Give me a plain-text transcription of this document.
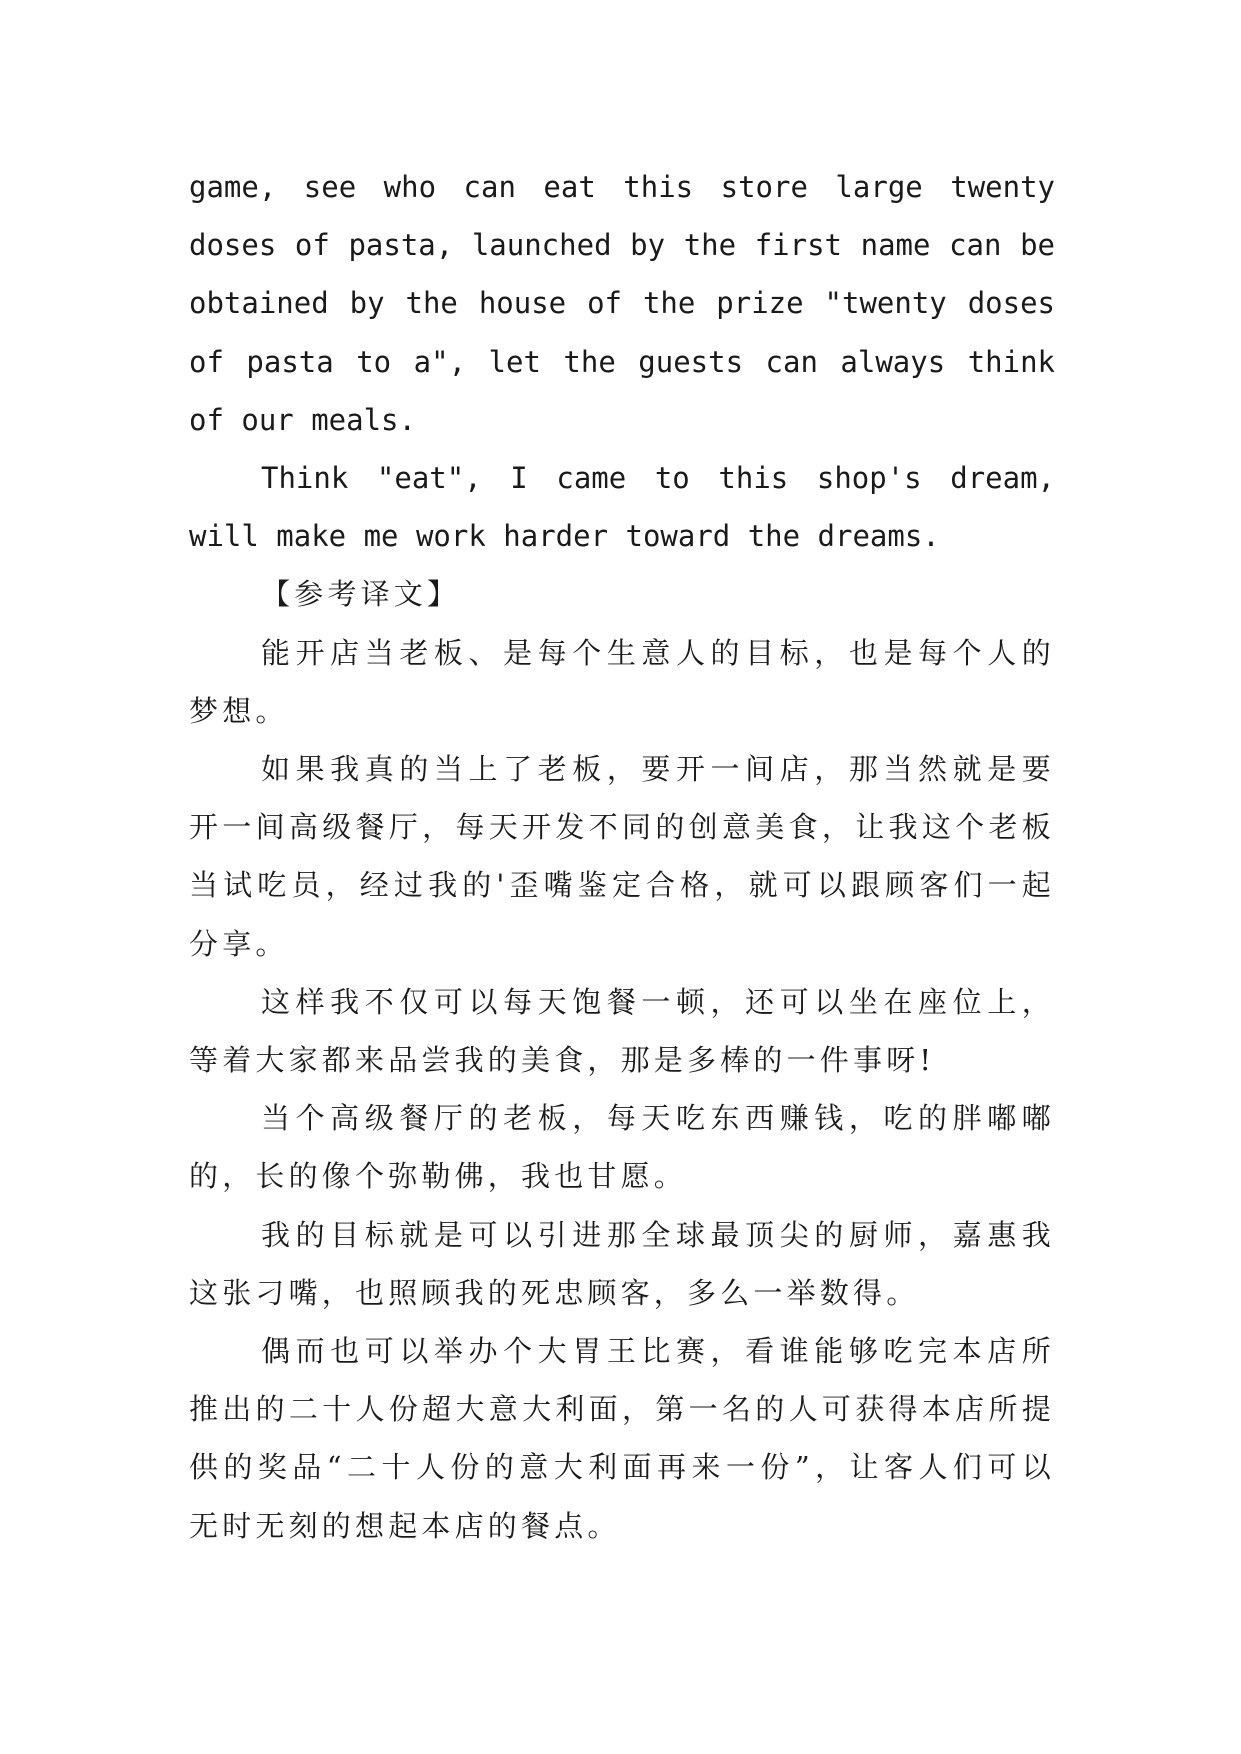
game, see who can eat this store large twenty doses of pasta, launched by the first name can be obtained by the house of the prize "twenty doses of pasta to a", let the guests can always think of our meals.

Think "eat", I came to this shop's dream, will make me work harder toward the dreams.

【参考译文】

能开店当老板、是每个生意人的目标，也是每个人的梦想。

如果我真的当上了老板，要开一间店，那当然就是要开一间高级餐厅，每天开发不同的创意美食，让我这个老板当试吃员，经过我的'歪嘴鉴定合格，就可以跟顾客们一起分享。

这样我不仅可以每天饱餐一顿，还可以坐在座位上，等着大家都来品尝我的美食，那是多棒的一件事呀!

当个高级餐厅的老板，每天吃东西赚钱，吃的胖嘟嘟的，长的像个弥勒佛，我也甘愿。

我的目标就是可以引进那全球最顶尖的厨师，嘉惠我这张刁嘴，也照顾我的死忠顾客，多么一举数得。

偶而也可以举办个大胃王比赛，看谁能够吃完本店所推出的二十人份超大意大利面，第一名的人可获得本店所提供的奖品“二十人份的意大利面再来一份”，让客人们可以无时无刻的想起本店的餐点。
